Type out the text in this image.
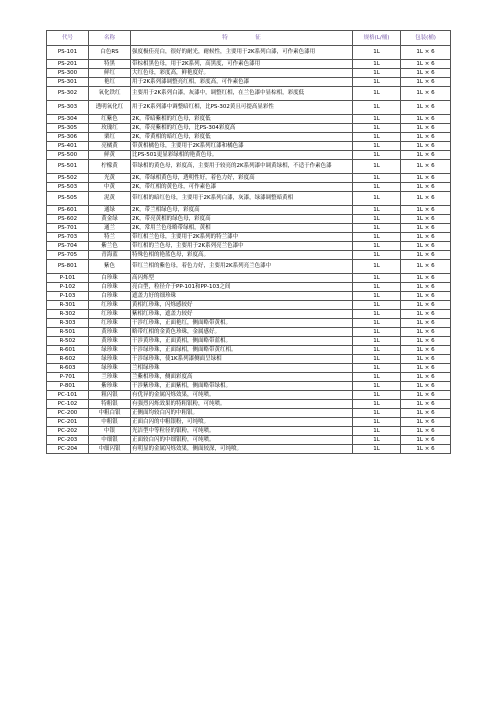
代号	名称	特　　　　　征	规格(L/桶)	包装(桶)
PS-101	白色RS	强度极佳亮白，很好的耐光，耐候性，主要用于2K系列白漆，可作素色漆用	1L	1L × 6
PS-201	特黑	带棕相黑色母，用于2K系列，高黑度，可作素色漆用	1L	1L × 6
PS-300	鲜红	大红色母，彩度高，鲜艳度好。	1L	1L × 6
PS-301	艳红	用于2K系列漆调整亮红相，彩度高，可作素色漆	1L	1L × 6
PS-302	氧化铁红	主要用于2K系列白漆，灰漆中，调整红相，在兰色漆中显棕相，彩度低	1L	1L × 6
PS-303	透明氧化红	用于2K系列漆中调整暗红相，比PS-302黄且可提高显彩性	1L	1L × 6
PS-304	红紫色	2K，带暗紫相的红色母，彩度低	1L	1L × 6
PS-305	玫瑰红	2K，带亮紫相的红色母，比PS-304彩度高	1L	1L × 6
PS-306	栗红	2K，带黄相的暗红色母，彩度低	1L	1L × 6
PS-401	亮橘黄	带黄相橘色母，主要用于2K系列红漆和橘色漆	1L	1L × 6
PS-500	鲜黄	比PS-501更显彩绿相的艳黄色母。	1L	1L × 6
PS-501	柠檬黄	带绿相的黄色母，彩度高，主要用于较亮的2K系列漆中调黄绿相，不适于作素色漆	1L	1L × 6
PS-502	光黄	2K，带绿相黄色母，透明性好，着色力好，彩度高	1L	1L × 6
PS-503	中黄	2K，带红相的黄色母，可作素色漆	1L	1L × 6
PS-505	泥黄	带红相的暗红色母，主要用于2K系列白漆，灰漆，绿漆调整暗黄相	1L	1L × 6
PS-601	通绿	2K，带兰相绿色母，彩度高	1L	1L × 6
PS-602	黄金绿	2K，带亮黄相的绿色母，彩度高	1L	1L × 6
PS-701	通兰	2K，常用兰色母略带绿相，黄相	1L	1L × 6
PS-703	特兰	带红相兰色母，主要用于2K系列的特兰漆中	1L	1L × 6
PS-704	紫兰色	带红相的兰色母，主要用于2K系列亮兰色漆中	1L	1L × 6
PS-705	青海蓝	特殊色相的艳蓝色母，彩度高。	1L	1L × 6
PS-801	紫色	带红兰相的紫色母，着色力好，主要用2K系列亮兰色漆中	1L	1L × 6
P-101	白珍珠	高闪烁型	1L	1L × 6
P-102	白珍珠	亮白型，粒径介于PP-101和PP-103之间	1L	1L × 6
P-103	白珍珠	遮盖力好的细珍珠	1L	1L × 6
R-301	红珍珠	黄相红珍珠，闪烁感较好	1L	1L × 6
R-302	红珍珠	紫相红珍珠，遮盖力较好	1L	1L × 6
R-303	红珍珠	干涉红珍珠，正面艳红，侧面略带黄相。	1L	1L × 6
R-501	黄珍珠	略带红相的金黄色珍珠，金属感好。	1L	1L × 6
R-502	黄珍珠	干涉黄珍珠，正面黄相，侧面略带蓝相。	1L	1L × 6
R-601	绿珍珠	干涉绿珍珠，正面绿相，侧面略带黄红相。	1L	1L × 6
R-602	绿珍珠	干涉绿珍珠，使1K系列漆侧面呈绿相	1L	1L × 6
R-603	绿珍珠	兰相绿珍珠	1L	1L × 6
P-701	兰珍珠	兰紫相珍珠，侧面彩度高	1L	1L × 6
P-801	紫珍珠	干涉紫珍珠，正面紫相，侧面略带绿相。	1L	1L × 6
PC-101	粗闪银	有优异的金属闪烁效果，可纯喷。	1L	1L × 6
PC-102	特粗银	有强烈闪烁效果的特粗银粉，可纯喷。	1L	1L × 6
PC-200	中粗白银	正侧面均较白闪的中粗银。	1L	1L × 6
PC-201	中粗银	正面白闪的中粗银粉，可纯喷。	1L	1L × 6
PC-202	中银	光洁型中等粒径的银粉，可纯喷。	1L	1L × 6
PC-203	中细银	正面较白闪的中细银粉，可纯喷。	1L	1L × 6
PC-204	中细闪银	有明显的金属闪烁效果，侧面较深，可纯喷。	1L	1L × 6
